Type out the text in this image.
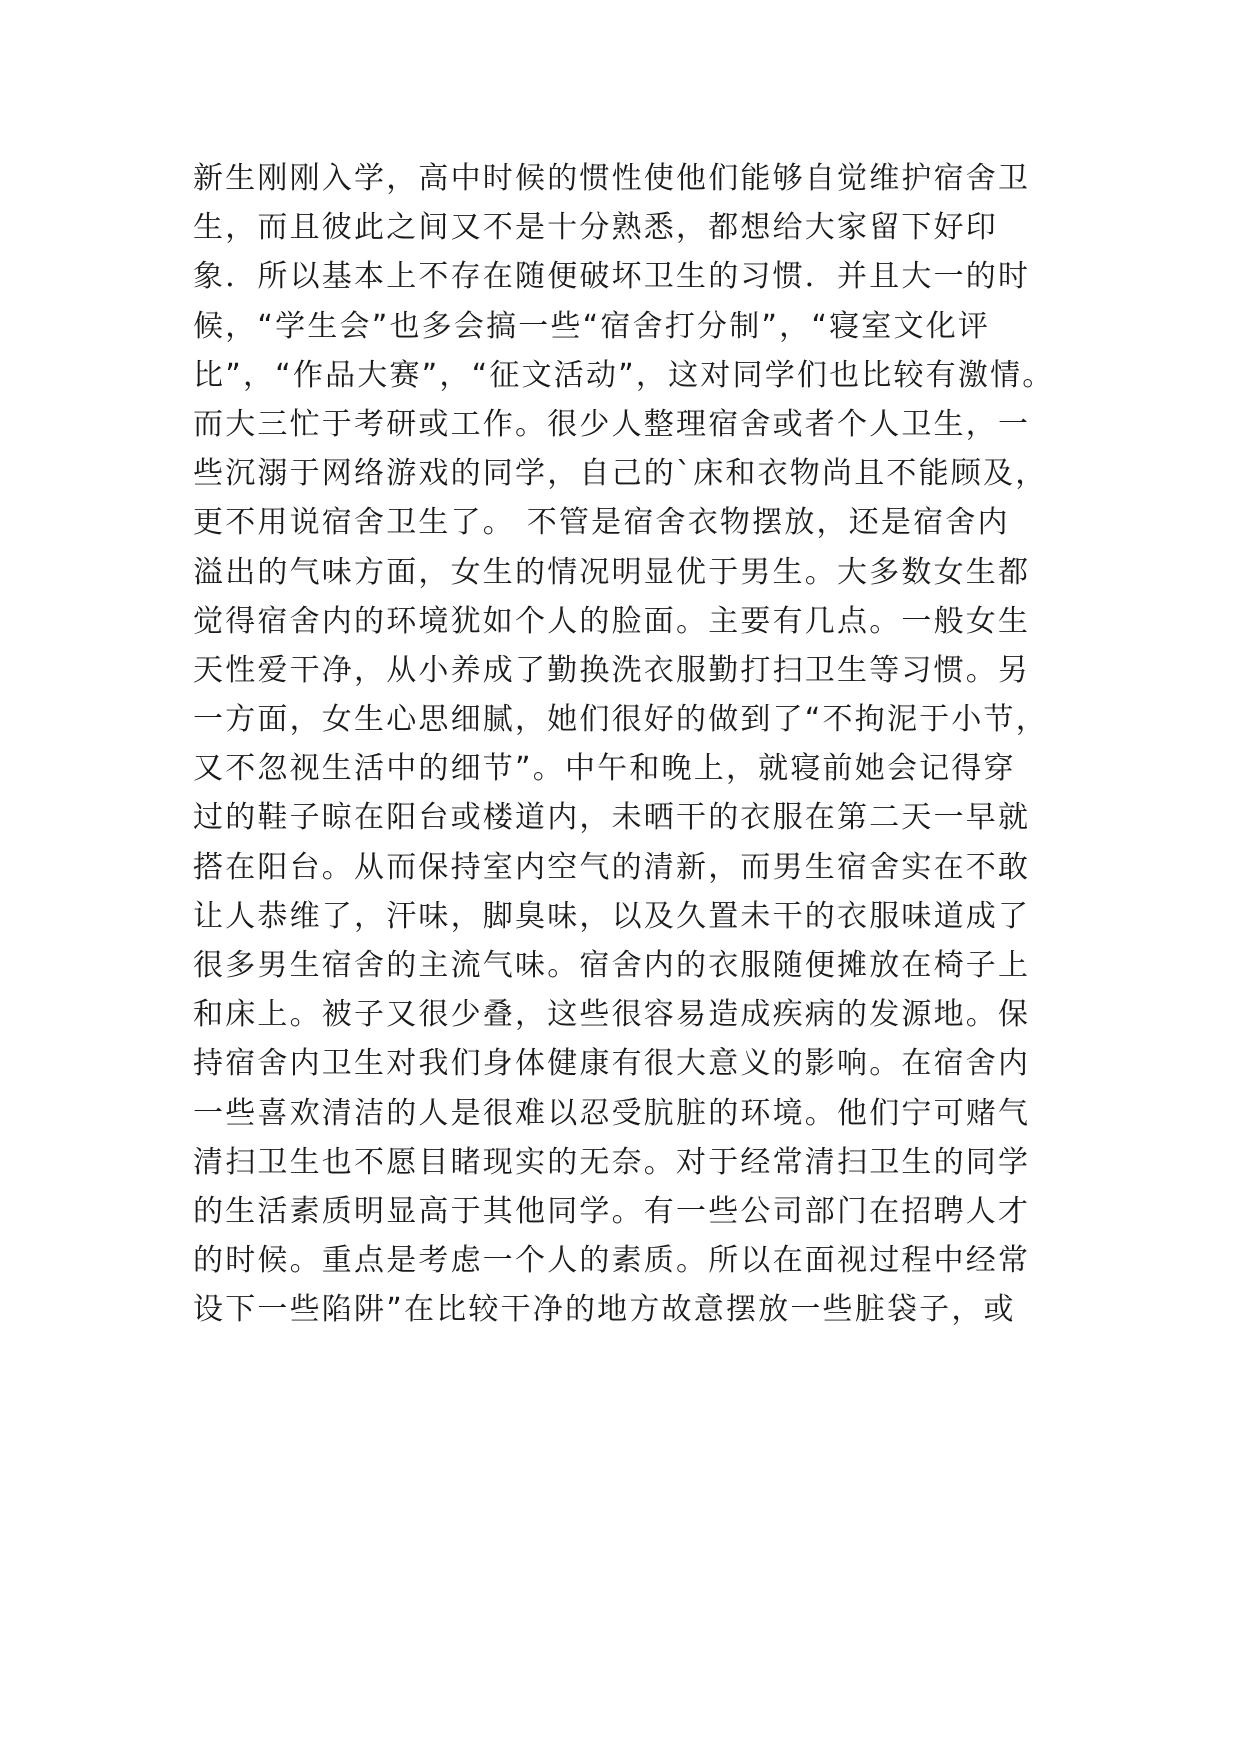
新生刚刚入学，高中时候的惯性使他们能够自觉维护宿舍卫
生，而且彼此之间又不是十分熟悉，都想给大家留下好印
象．所以基本上不存在随便破坏卫生的习惯．并且大一的时
候，“学生会”也多会搞一些“宿舍打分制”，“寝室文化评
比”，“作品大赛”，“征文活动”，这对同学们也比较有激情。
而大三忙于考研或工作。很少人整理宿舍或者个人卫生，一
些沉溺于网络游戏的同学，自己的`床和衣物尚且不能顾及，
更不用说宿舍卫生了。 不管是宿舍衣物摆放，还是宿舍内
溢出的气味方面，女生的情况明显优于男生。大多数女生都
觉得宿舍内的环境犹如个人的脸面。主要有几点。一般女生
天性爱干净，从小养成了勤换洗衣服勤打扫卫生等习惯。另
一方面，女生心思细腻，她们很好的做到了“不拘泥于小节，
又不忽视生活中的细节”。中午和晚上，就寝前她会记得穿
过的鞋子晾在阳台或楼道内，未晒干的衣服在第二天一早就
搭在阳台。从而保持室内空气的清新，而男生宿舍实在不敢
让人恭维了，汗味，脚臭味，以及久置未干的衣服味道成了
很多男生宿舍的主流气味。宿舍内的衣服随便摊放在椅子上
和床上。被子又很少叠，这些很容易造成疾病的发源地。保
持宿舍内卫生对我们身体健康有很大意义的影响。在宿舍内
一些喜欢清洁的人是很难以忍受肮脏的环境。他们宁可赌气
清扫卫生也不愿目睹现实的无奈。对于经常清扫卫生的同学
的生活素质明显高于其他同学。有一些公司部门在招聘人才
的时候。重点是考虑一个人的素质。所以在面视过程中经常
设下一些陷阱”在比较干净的地方故意摆放一些脏袋子，或
